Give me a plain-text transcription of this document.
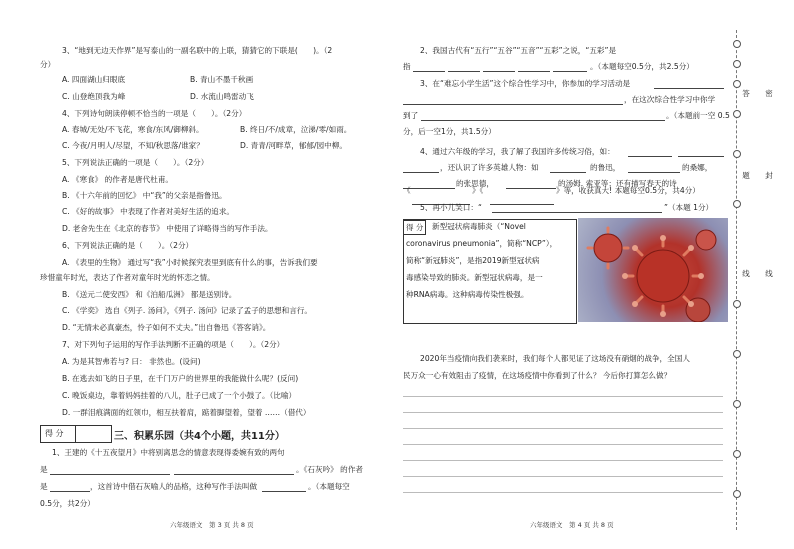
3、“地到无边天作界”是写泰山的一副名联中的上联，猜猜它的下联是(　　)。（2
分）
A. 四面湖山归眼底	B. 青山不墨千秋画
C. 山登绝顶我为峰	D. 水流山鸣雷动飞
4、下列诗句朗读停顿不恰当的一项是（　　）。（2分）
A. 春城/无处/不飞花，寒食/东风/御柳斜。	B. 终日/不/成章，泣涕/零/如雨。
C. 今夜/月明人/尽望，不知/秋思落/谁家？	D. 青青/河畔草，郁郁/园中柳。
5、下列说法正确的一项是（　　）。（2分）
A. 《寒食》 的作者是唐代杜甫。
B. 《十六年前的回忆》 中“我”的父亲是指鲁迅。
C. 《好的故事》 中表现了作者对美好生活的追求。
D. 老舍先生在《北京的春节》 中使用了详略得当的写作手法。
6、下列说法正确的是（　　）。（2分）
A. 《表里的生物》 通过写“我”小时候探究表里到底有什么的事，告诉我们要
珍惜童年时光，表达了作者对童年时光的怀恋之情。
B. 《送元二使安西》 和《泊船瓜洲》 都是送别诗。
C. 《学奕》 选自《列子. 汤问》，《列子. 汤问》记录了孟子的思想和言行。
D. “无情未必真豪杰，怜子如何不丈夫。”出自鲁迅《答客诮》。
7、对下列句子运用的写作手法判断不正确的项是（　　）。（2分）
A. 为是其智弗若与? 曰： 非然也。(设问)
B. 在逃去如飞的日子里，在千门万户的世界里的我能做什么呢？(反问)
C. 晚饭桌边，靠着妈妈挂着的八儿，肚子已成了一个小鼓了。（比喻）
D. 一群泪痕满面的红领巾，相互扶着肩，踮着脚望着，望着 ……（借代）
得 分	三、积累乐园（共4个小题，共11分）
1、王建的《十五夜望月》中将别离思念的情意表现得委婉有致的两句
是	。《石灰吟》 的作者
是	，这首诗中借石灰喻人的品格，这种写作手法叫做	。（本题每空
0.5分，共2分）
六年级语文　第 3 页 共 8 页
2、我国古代有“五行”“五谷”“五音”“五彩”之说，“五彩”是
指	。（本题每空0.5分，共2.5分）
3、在“难忘小学生活”这个综合性学习中，你参加的学习活动是
，在这次综合性学习中你学
到了	。（本题前一空 0.5
分，后一空1分，共1.5分）
4、通过六年级的学习，我了解了我国许多传统习俗，如：
，还认识了许多英雄人物：如	的鲁迅，	的桑娜，
的张思德，	的汤姆. 索亚等；还有描写春天的诗
《	》《	》等，收获真大! 本题每空0.5分，共4分）
5、再小儿笑口：“	”（本题 1分）
得 分	新型冠状病毒肺炎（“Novel
coronavirus pneumonia”，简称“NCP”），
简称“新冠肺炎”，是指2019新型冠状病
毒感染导致的肺炎。新型冠状病毒，是一
种RNA病毒。这种病毒传染性极强。
2020年当疫情向我们袭来时，我们每个人都见证了这场没有硝烟的战争，全国人
民万众一心有效阻击了疫情，在这场疫情中你看到了什么？ 今后你打算怎么做？
六年级语文　第 4 页 共 8 页
答 密
题 封
线 线
